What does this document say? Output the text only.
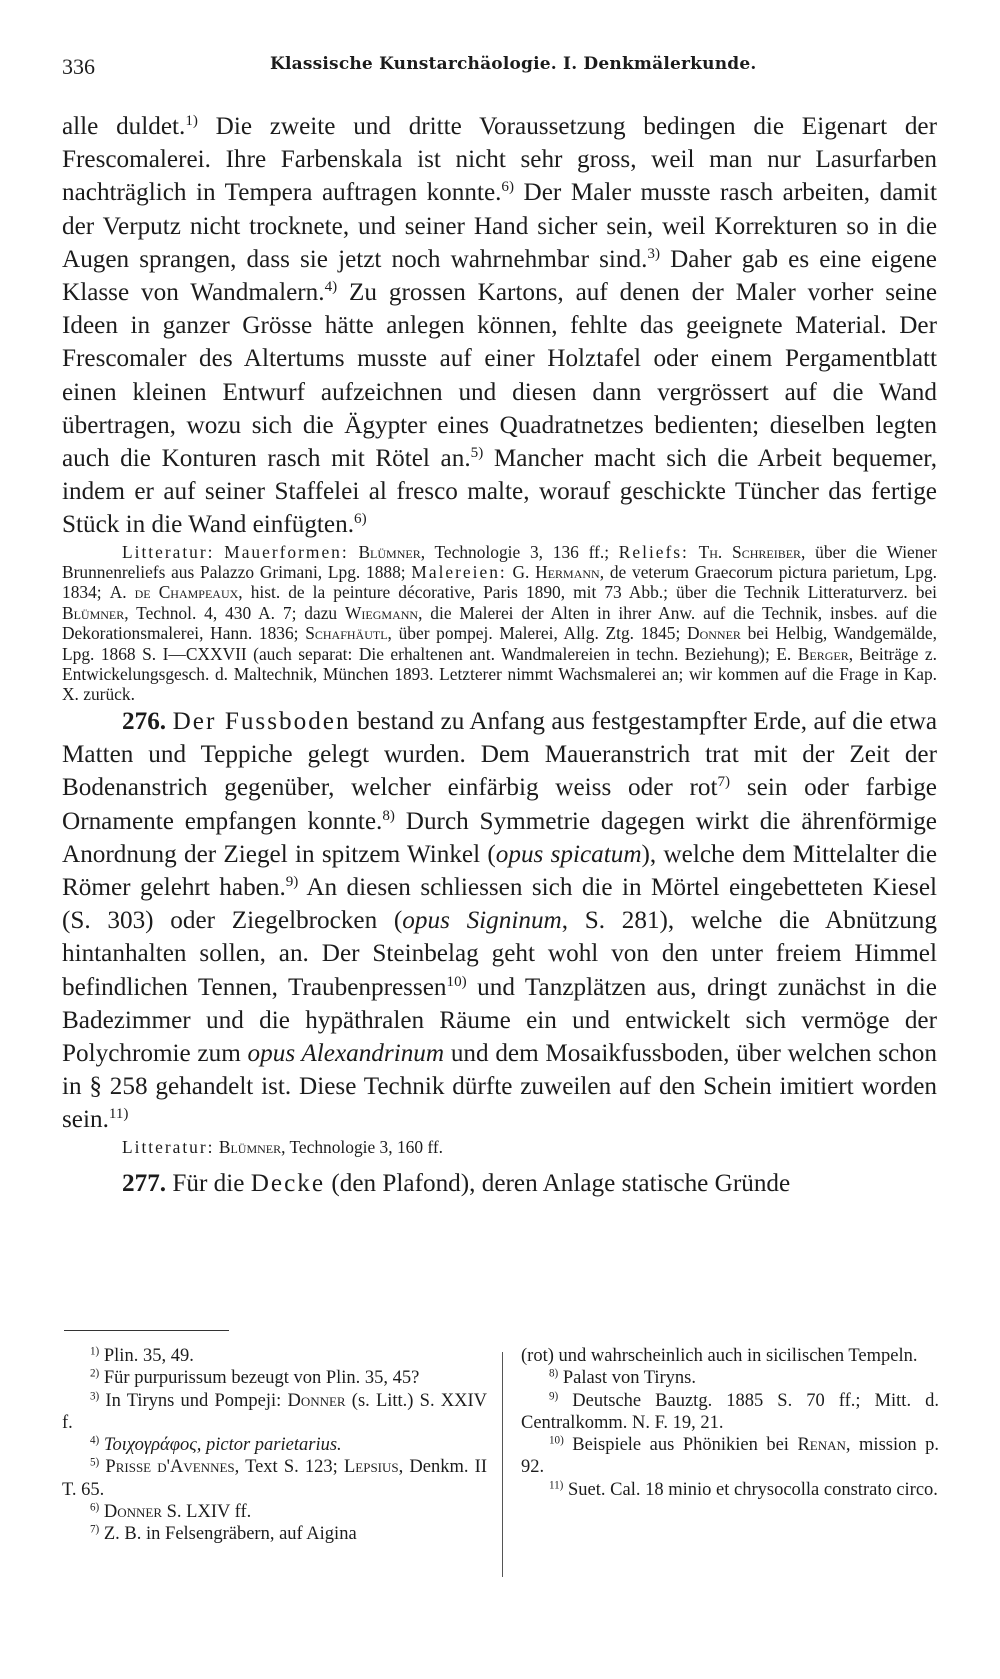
336	Klassische Kunstarchäologie. I. Denkmälerkunde.

alle duldet.$^{1)}$ Die zweite und dritte Voraussetzung bedingen die Eigenart der Frescomalerei. Ihre Farbenskala ist nicht sehr gross, weil man nur Lasurfarben nachträglich in Tempera auftragen konnte.$^{6)}$ Der Maler musste rasch arbeiten, damit der Verputz nicht trocknete, und seiner Hand sicher sein, weil Korrekturen so in die Augen sprangen, dass sie jetzt noch wahrnehmbar sind.$^{3)}$ Daher gab es eine eigene Klasse von Wandmalern.$^{4)}$ Zu grossen Kartons, auf denen der Maler vorher seine Ideen in ganzer Grösse hätte anlegen können, fehlte das geeignete Material. Der Frescomaler des Altertums musste auf einer Holztafel oder einem Pergamentblatt einen kleinen Entwurf aufzeichnen und diesen dann vergrössert auf die Wand übertragen, wozu sich die Ägypter eines Quadratnetzes bedienten; dieselben legten auch die Konturen rasch mit Rötel an.$^{5)}$ Mancher macht sich die Arbeit bequemer, indem er auf seiner Staffelei al fresco malte, worauf geschickte Tüncher das fertige Stück in die Wand einfügten.$^{6)}$

Litteratur: Mauerformen: Blümner, Technologie 3, 136 ff.; Reliefs: Th. Schreiber, über die Wiener Brunnenreliefs aus Palazzo Grimani, Lpg. 1888; Malereien: G. Hermann, de veterum Graecorum pictura parietum, Lpg. 1834; A. de Champeaux, hist. de la peinture décorative, Paris 1890, mit 73 Abb.; über die Technik Litteraturverz. bei Blümner, Technol. 4, 430 A. 7; dazu Wiegmann, die Malerei der Alten in ihrer Anw. auf die Technik, insbes. auf die Dekorationsmalerei, Hann. 1836; Schafhäutl, über pompej. Malerei, Allg. Ztg. 1845; Donner bei Helbig, Wandgemälde, Lpg. 1868 S. I—CXXVII (auch separat: Die erhaltenen ant. Wandmalereien in techn. Beziehung); E. Berger, Beiträge z. Entwickelungsgesch. d. Maltechnik, München 1893. Letzterer nimmt Wachsmalerei an; wir kommen auf die Frage in Kap. X. zurück.

276. Der Fussboden bestand zu Anfang aus festgestampfter Erde, auf die etwa Matten und Teppiche gelegt wurden. Dem Maueranstrich trat mit der Zeit der Bodenanstrich gegenüber, welcher einfärbig weiss oder rot$^{7)}$ sein oder farbige Ornamente empfangen konnte.$^{8)}$ Durch Symmetrie dagegen wirkt die ährenförmige Anordnung der Ziegel in spitzem Winkel (opus spicatum), welche dem Mittelalter die Römer gelehrt haben.$^{9)}$ An diesen schliessen sich die in Mörtel eingebetteten Kiesel (S. 303) oder Ziegelbrocken (opus Signinum, S. 281), welche die Abnützung hintanhalten sollen, an. Der Steinbelag geht wohl von den unter freiem Himmel befindlichen Tennen, Traubenpressen$^{10)}$ und Tanzplätzen aus, dringt zunächst in die Badezimmer und die hypäthralen Räume ein und entwickelt sich vermöge der Polychromie zum opus Alexandrinum und dem Mosaikfussboden, über welchen schon in § 258 gehandelt ist. Diese Technik dürfte zuweilen auf den Schein imitiert worden sein.$^{11)}$

Litteratur: Blümner, Technologie 3, 160 ff.

277. Für die Decke (den Plafond), deren Anlage statische Gründe

$^{1)}$ Plin. 35, 49.

$^{2)}$ Für purpurissum bezeugt von Plin. 35, 45?

$^{3)}$ In Tiryns und Pompeji: Donner (s. Litt.) S. XXIV f.

$^{4)}$ Τοιχογράφος, pictor parietarius.

$^{5)}$ Prisse d'Avennes, Text S. 123; Lepsius, Denkm. II T. 65.

$^{6)}$ Donner S. LXIV ff.

$^{7)}$ Z. B. in Felsengräbern, auf Aigina

(rot) und wahrscheinlich auch in sicilischen Tempeln.

$^{8)}$ Palast von Tiryns.

$^{9)}$ Deutsche Bauztg. 1885 S. 70 ff.; Mitt. d. Centralkomm. N. F. 19, 21.

$^{10)}$ Beispiele aus Phönikien bei Renan, mission p. 92.

$^{11)}$ Suet. Cal. 18 minio et chrysocolla constrato circo.
